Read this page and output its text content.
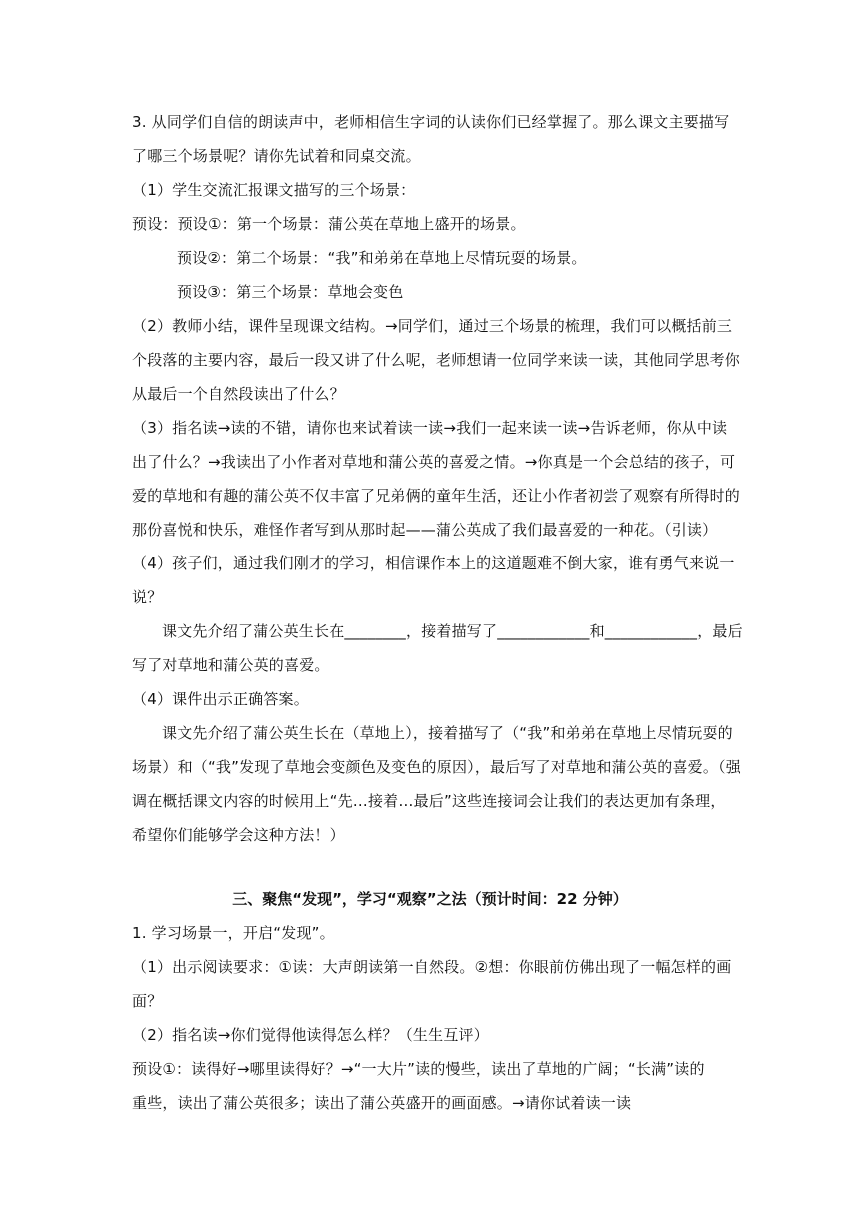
3. 从同学们自信的朗读声中，老师相信生字词的认读你们已经掌握了。那么课文主要描写
了哪三个场景呢？请你先试着和同桌交流。
（1）学生交流汇报课文描写的三个场景：
预设：预设①：第一个场景：蒲公英在草地上盛开的场景。
预设②：第二个场景：“我”和弟弟在草地上尽情玩耍的场景。
预设③：第三个场景：草地会变色
（2）教师小结，课件呈现课文结构。→同学们，通过三个场景的梳理，我们可以概括前三
个段落的主要内容，最后一段又讲了什么呢，老师想请一位同学来读一读，其他同学思考你
从最后一个自然段读出了什么？
（3）指名读→读的不错，请你也来试着读一读→我们一起来读一读→告诉老师，你从中读
出了什么？→我读出了小作者对草地和蒲公英的喜爱之情。→你真是一个会总结的孩子，可
爱的草地和有趣的蒲公英不仅丰富了兄弟俩的童年生活，还让小作者初尝了观察有所得时的
那份喜悦和快乐，难怪作者写到从那时起——蒲公英成了我们最喜爱的一种花。（引读）
（4）孩子们，通过我们刚才的学习，相信课作本上的这道题难不倒大家，谁有勇气来说一
说？
课文先介绍了蒲公英生长在________，接着描写了____________和____________，最后
写了对草地和蒲公英的喜爱。
（4）课件出示正确答案。
课文先介绍了蒲公英生长在（草地上），接着描写了（“我”和弟弟在草地上尽情玩耍的
场景）和（“我”发现了草地会变颜色及变色的原因），最后写了对草地和蒲公英的喜爱。（强
调在概括课文内容的时候用上“先…接着…最后”这些连接词会让我们的表达更加有条理，
希望你们能够学会这种方法！）
三、聚焦“发现”，学习“观察”之法（预计时间：22 分钟）
1. 学习场景一，开启“发现”。
（1）出示阅读要求：①读：大声朗读第一自然段。②想：你眼前仿佛出现了一幅怎样的画
面？
（2）指名读→你们觉得他读得怎么样？（生生互评）
预设①：读得好→哪里读得好？→“一大片”读的慢些，读出了草地的广阔；“长满”读的
重些，读出了蒲公英很多；读出了蒲公英盛开的画面感。→请你试着读一读
